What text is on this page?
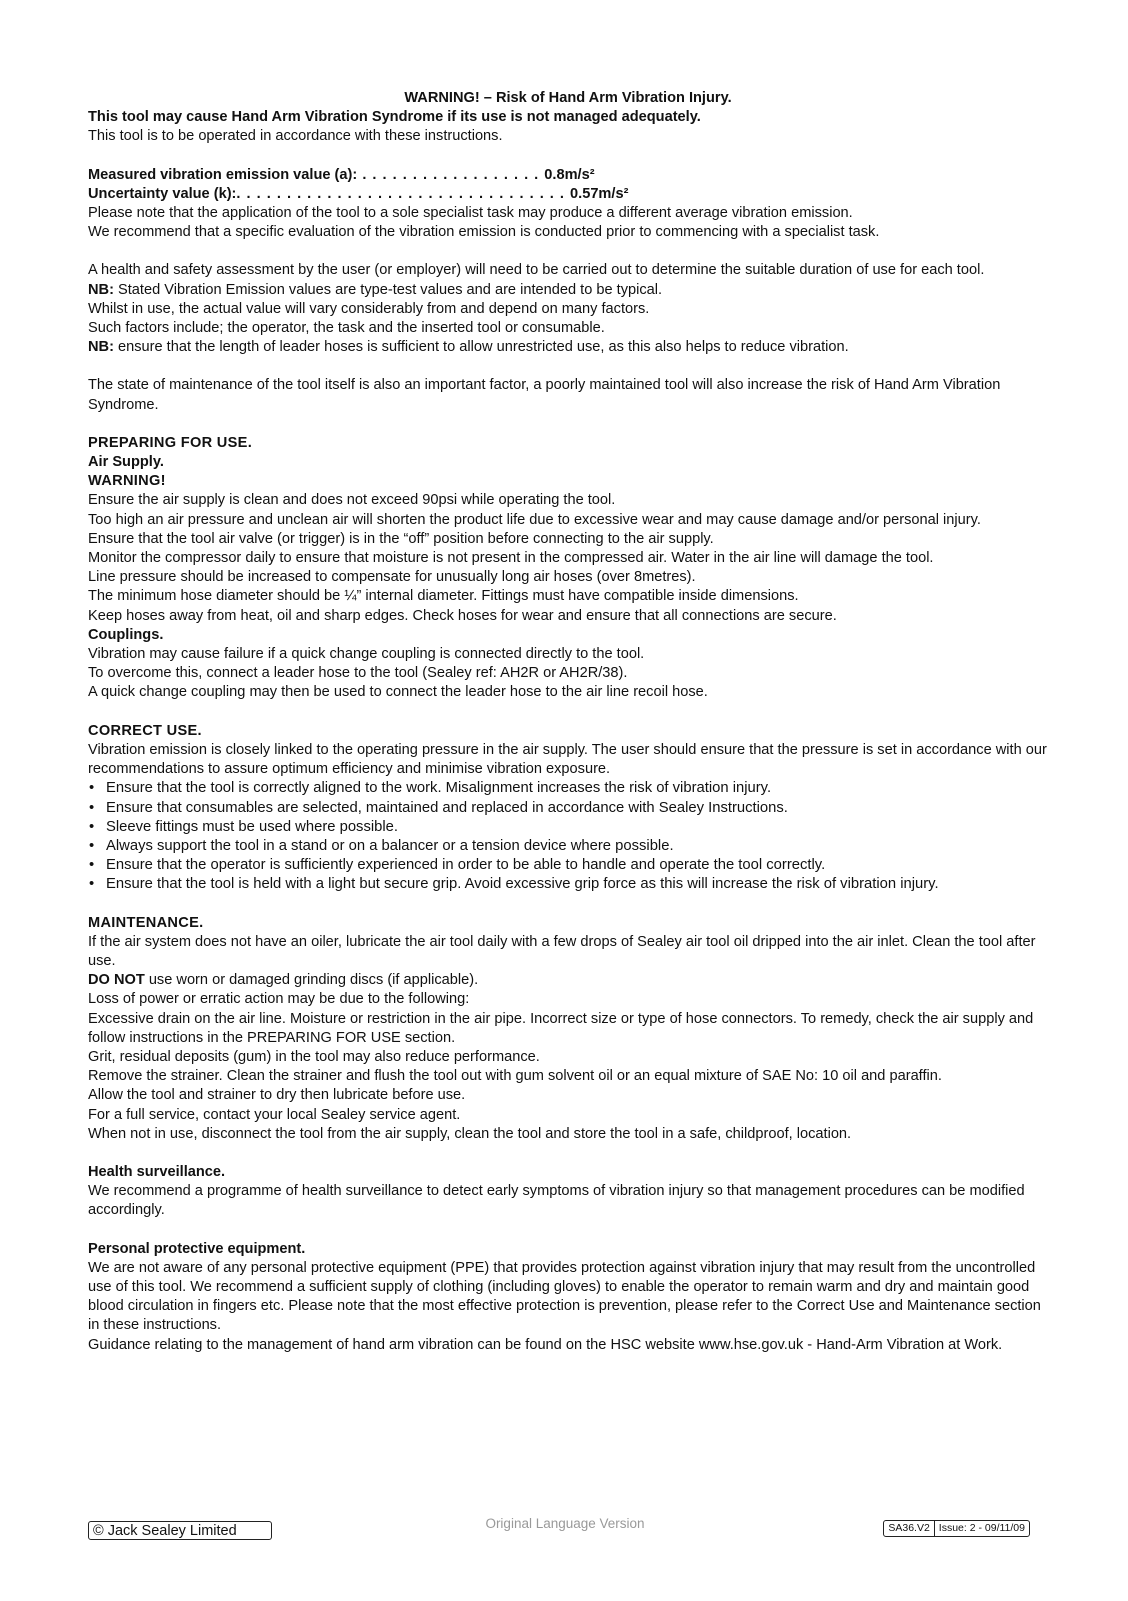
WARNING! – Risk of Hand Arm Vibration Injury.

This tool may cause Hand Arm Vibration Syndrome if its use is not managed adequately.

This tool is to be operated in accordance with these instructions.

Measured vibration emission value (a): . . . . . . . . . . . . . . . . . . 0.8m/s²

Uncertainty value (k):. . . . . . . . . . . . . . . . . . . . . . . . . . . . . . . . . 0.57m/s²

Please note that the application of the tool to a sole specialist task may produce a different average vibration emission.

We recommend that a specific evaluation of the vibration emission is conducted prior to commencing with a specialist task.

A health and safety assessment by the user (or employer) will need to be carried out to determine the suitable duration of use for each tool.

NB: Stated Vibration Emission values are type-test values and are intended to be typical.

Whilst in use, the actual value will vary considerably from and depend on many factors.

Such factors include; the operator, the task and the inserted tool or consumable.

NB: ensure that the length of leader hoses is sufficient to allow unrestricted use, as this also helps to reduce vibration.

The state of maintenance of the tool itself is also an important factor, a poorly maintained tool will also increase the risk of Hand Arm Vibration Syndrome.

PREPARING FOR USE.

Air Supply.

WARNING!

Ensure the air supply is clean and does not exceed 90psi while operating the tool.

Too high an air pressure and unclean air will shorten the product life due to excessive wear and may cause damage and/or personal injury.

Ensure that the tool air valve (or trigger) is in the “off” position before connecting to the air supply.

Monitor the compressor daily to ensure that moisture is not present in the compressed air. Water in the air line will damage the tool.

Line pressure should be increased to compensate for unusually long air hoses (over 8metres).

The minimum hose diameter should be ¼” internal diameter. Fittings must have compatible inside dimensions.

Keep hoses away from heat, oil and sharp edges. Check hoses for wear and ensure that all connections are secure.

Couplings.

Vibration may cause failure if a quick change coupling is connected directly to the tool.

To overcome this, connect a leader hose to the tool (Sealey ref: AH2R or AH2R/38).

A quick change coupling may then be used to connect the leader hose to the air line recoil hose.

CORRECT USE.

Vibration emission is closely linked to the operating pressure in the air supply. The user should ensure that the pressure is set in accordance with our recommendations to assure optimum efficiency and minimise vibration exposure.

• Ensure that the tool is correctly aligned to the work. Misalignment increases the risk of vibration injury.
• Ensure that consumables are selected, maintained and replaced in accordance with Sealey Instructions.
• Sleeve fittings must be used where possible.
• Always support the tool in a stand or on a balancer or a tension device where possible.
• Ensure that the operator is sufficiently experienced in order to be able to handle and operate the tool correctly.
• Ensure that the tool is held with a light but secure grip. Avoid excessive grip force as this will increase the risk of vibration injury.

MAINTENANCE.

If the air system does not have an oiler, lubricate the air tool daily with a few drops of Sealey air tool oil dripped into the air inlet. Clean the tool after use.

DO NOT use worn or damaged grinding discs (if applicable).

Loss of power or erratic action may be due to the following:

Excessive drain on the air line. Moisture or restriction in the air pipe. Incorrect size or type of hose connectors. To remedy, check the air supply and follow instructions in the PREPARING FOR USE section.

Grit, residual deposits (gum) in the tool may also reduce performance.

Remove the strainer. Clean the strainer and flush the tool out with gum solvent oil or an equal mixture of SAE No: 10 oil and paraffin.

Allow the tool and strainer to dry then lubricate before use.

For a full service, contact your local Sealey service agent.

When not in use, disconnect the tool from the air supply, clean the tool and store the tool in a safe, childproof, location.

Health surveillance.

We recommend a programme of health surveillance to detect early symptoms of vibration injury so that management procedures can be modified accordingly.

Personal protective equipment.

We are not aware of any personal protective equipment (PPE) that provides protection against vibration injury that may result from the uncontrolled use of this tool. We recommend a sufficient supply of clothing (including gloves) to enable the operator to remain warm and dry and maintain good blood circulation in fingers etc. Please note that the most effective protection is prevention, please refer to the Correct Use and Maintenance section in these instructions.

Guidance relating to the management of hand arm vibration can be found on the HSC website www.hse.gov.uk - Hand-Arm Vibration at Work.

© Jack Sealey Limited	Original Language Version	SA36.V2 Issue: 2 - 09/11/09
